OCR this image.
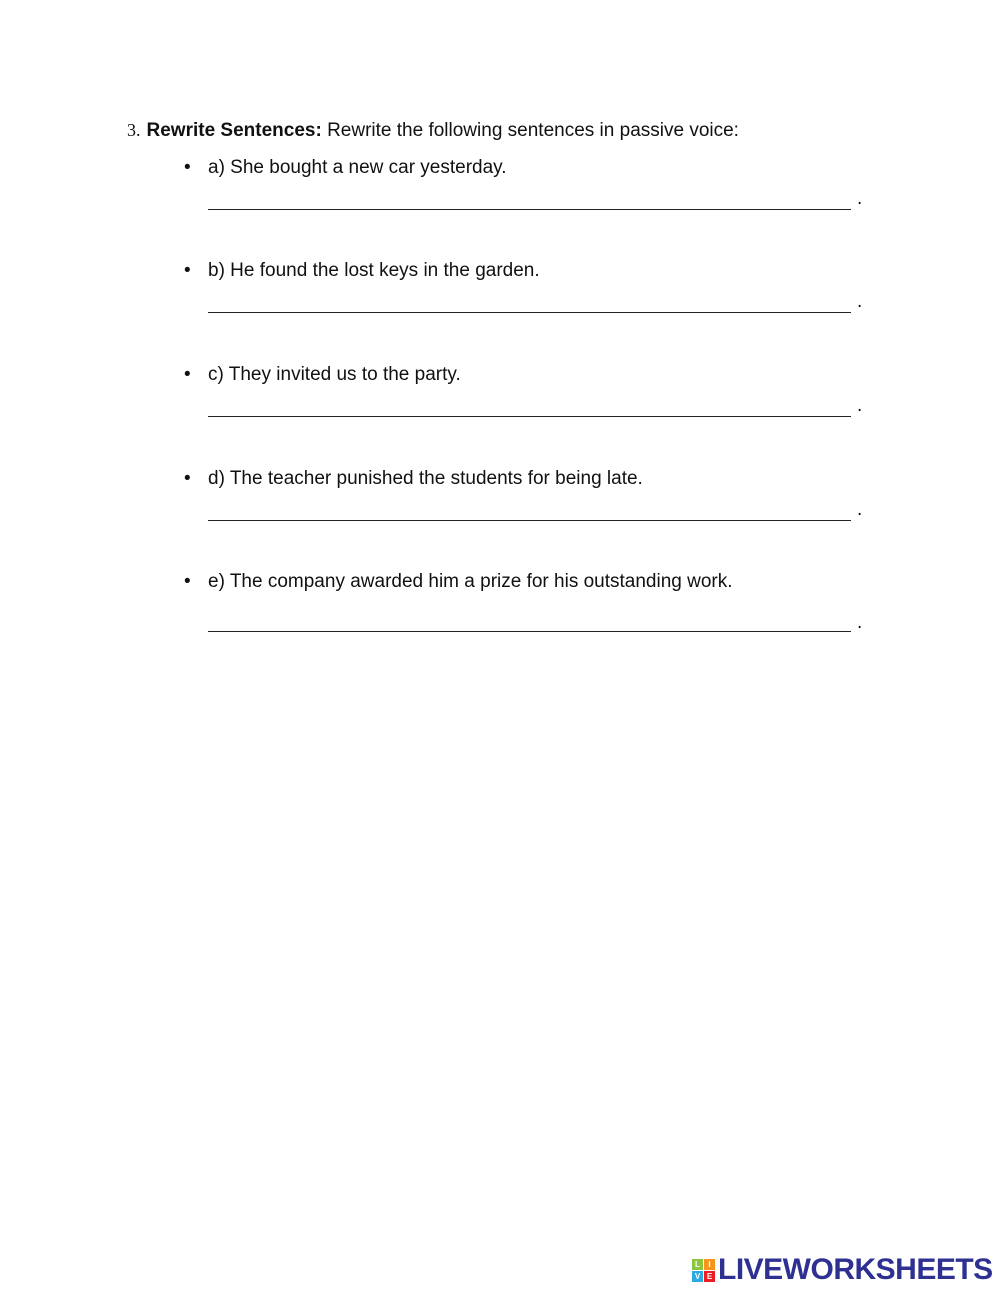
3. Rewrite Sentences: Rewrite the following sentences in passive voice:
• a) She bought a new car yesterday.
.
• b) He found the lost keys in the garden.
.
• c) They invited us to the party.
.
• d) The teacher punished the students for being late.
.
• e) The company awarded him a prize for his outstanding work.
.
L	I
V E LIVEWORKSHEETS
